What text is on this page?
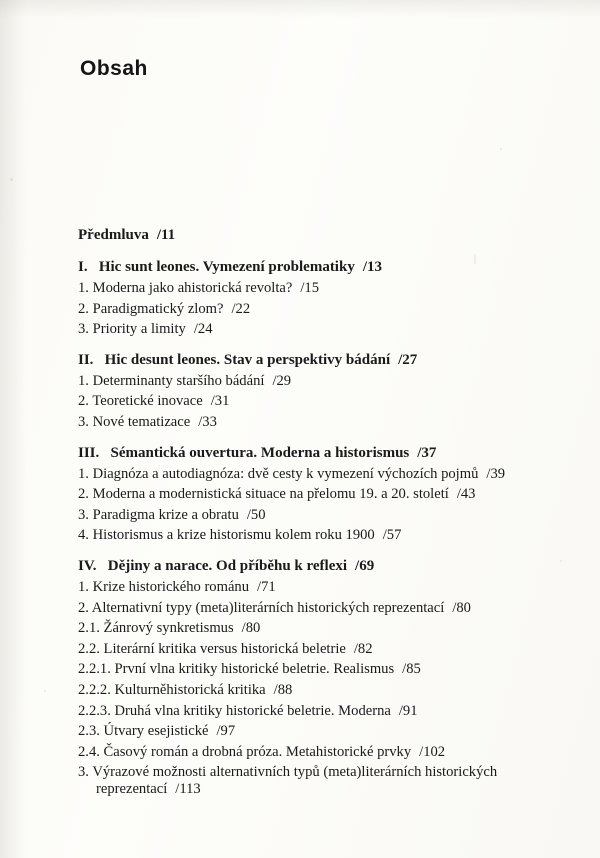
Obsah
Předmluva /11
I.   Hic sunt leones. Vymezení problematiky /13
1. Moderna jako ahistorická revolta? /15
2. Paradigmatický zlom? /22
3. Priority a limity /24
II.   Hic desunt leones. Stav a perspektivy bádání /27
1. Determinanty staršího bádání /29
2. Teoretické inovace /31
3. Nové tematizace /33
III.   Sémantická ouvertura. Moderna a historismus /37
1. Diagnóza a autodiagnóza: dvě cesty k vymezení výchozích pojmů /39
2. Moderna a modernistická situace na přelomu 19. a 20. století /43
3. Paradigma krize a obratu /50
4. Historismus a krize historismu kolem roku 1900 /57
IV.   Dějiny a narace. Od příběhu k reflexi /69
1. Krize historického románu /71
2. Alternativní typy (meta)literárních historických reprezentací /80
2.1. Žánrový synkretismus /80
2.2. Literární kritika versus historická beletrie /82
2.2.1. První vlna kritiky historické beletrie. Realismus /85
2.2.2. Kulturněhistorická kritika /88
2.2.3. Druhá vlna kritiky historické beletrie. Moderna /91
2.3. Útvary esejistické /97
2.4. Časový román a drobná próza. Metahistorické prvky /102
3. Výrazové možnosti alternativních typů (meta)literárních historických
reprezentací /113
